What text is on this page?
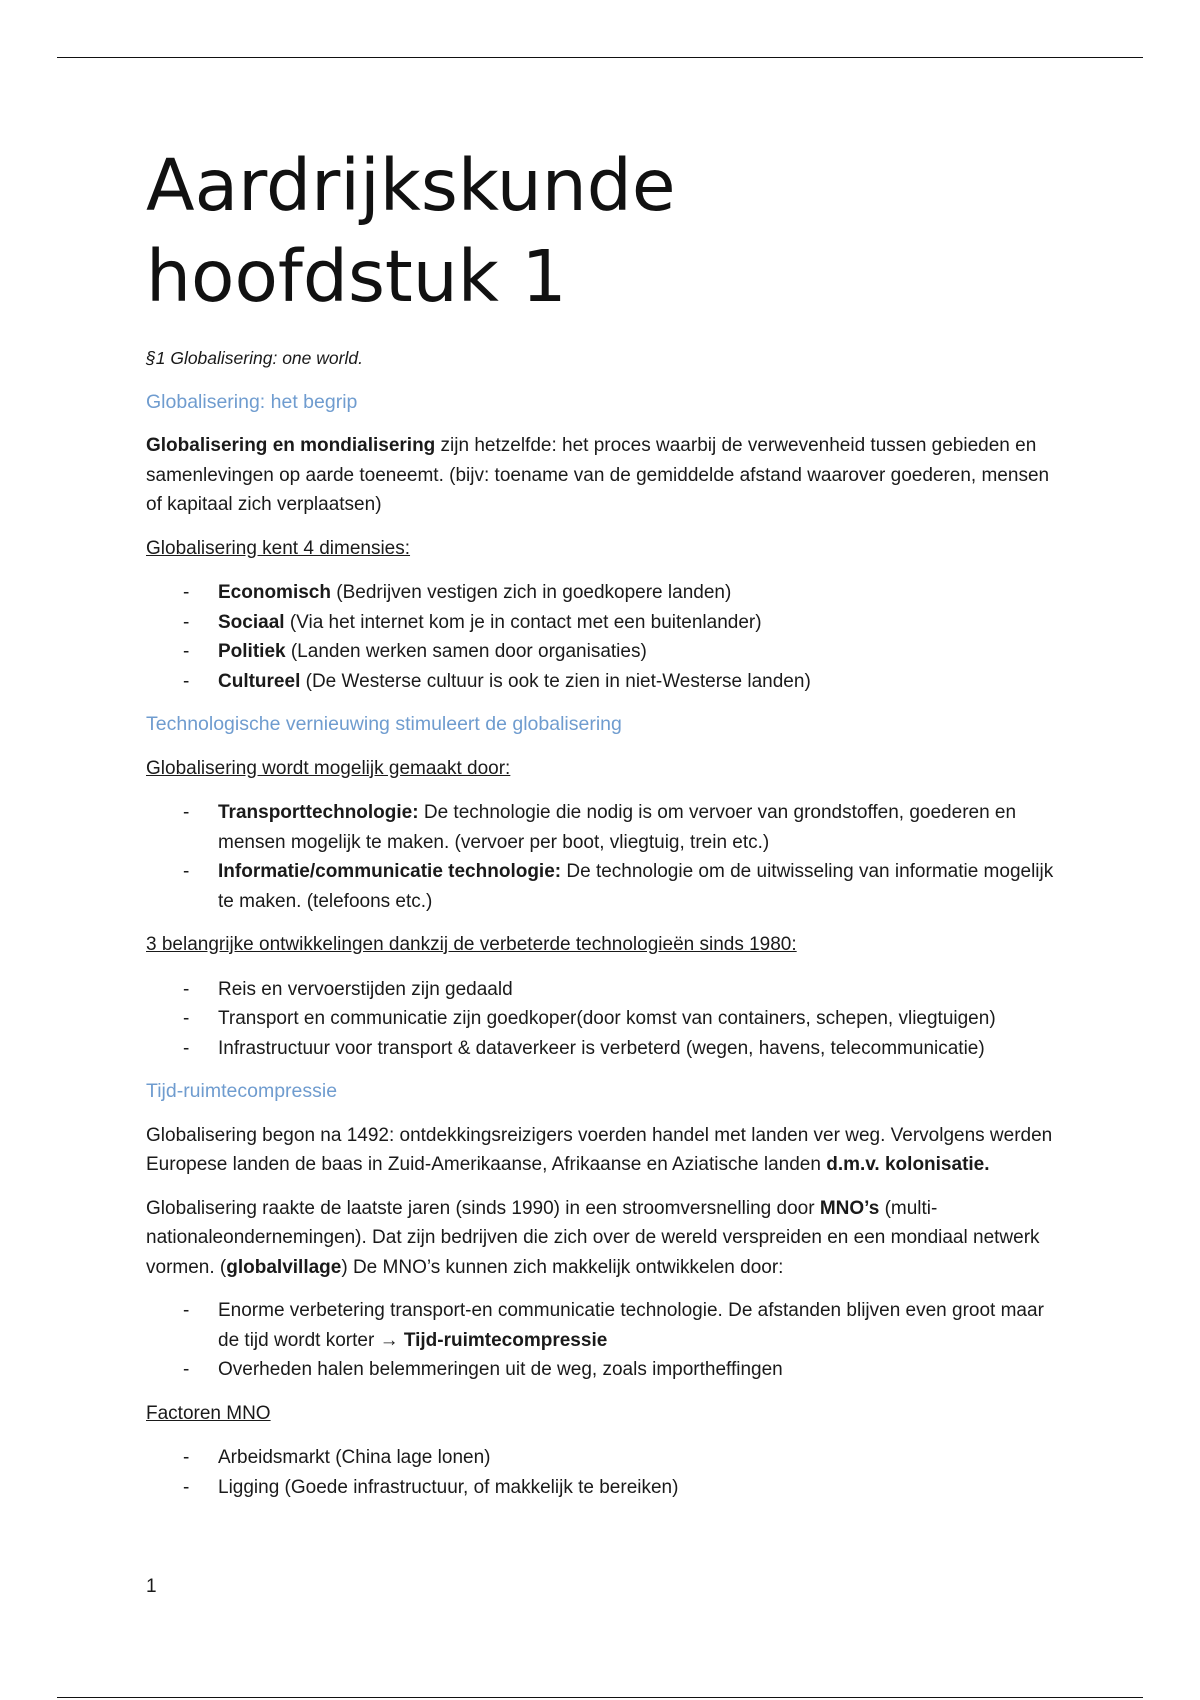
Aardrijkskunde
hoofdstuk 1

§1 Globalisering: one world.

Globalisering: het begrip

Globalisering en mondialisering zijn hetzelfde: het proces waarbij de verwevenheid tussen gebieden en samenlevingen op aarde toeneemt. (bijv: toename van de gemiddelde afstand waarover goederen, mensen of kapitaal zich verplaatsen)

Globalisering kent 4 dimensies:

- Economisch (Bedrijven vestigen zich in goedkopere landen)
- Sociaal (Via het internet kom je in contact met een buitenlander)
- Politiek (Landen werken samen door organisaties)
- Cultureel (De Westerse cultuur is ook te zien in niet-Westerse landen)

Technologische vernieuwing stimuleert de globalisering

Globalisering wordt mogelijk gemaakt door:

- Transporttechnologie: De technologie die nodig is om vervoer van grondstoffen, goederen en mensen mogelijk te maken. (vervoer per boot, vliegtuig, trein etc.)
- Informatie/communicatie technologie: De technologie om de uitwisseling van informatie mogelijk te maken. (telefoons etc.)

3 belangrijke ontwikkelingen dankzij de verbeterde technologieën sinds 1980:

- Reis en vervoerstijden zijn gedaald
- Transport en communicatie zijn goedkoper(door komst van containers, schepen, vliegtuigen)
- Infrastructuur voor transport & dataverkeer is verbeterd (wegen, havens, telecommunicatie)

Tijd-ruimtecompressie

Globalisering begon na 1492: ontdekkingsreizigers voerden handel met landen ver weg. Vervolgens werden Europese landen de baas in Zuid-Amerikaanse, Afrikaanse en Aziatische landen d.m.v. kolonisatie.

Globalisering raakte de laatste jaren (sinds 1990) in een stroomversnelling door MNO’s (multi-nationaleondernemingen). Dat zijn bedrijven die zich over de wereld verspreiden en een mondiaal netwerk vormen. (globalvillage) De MNO’s kunnen zich makkelijk ontwikkelen door:

- Enorme verbetering transport-en communicatie technologie. De afstanden blijven even groot maar de tijd wordt korter → Tijd-ruimtecompressie
- Overheden halen belemmeringen uit de weg, zoals importheffingen

Factoren MNO

- Arbeidsmarkt (China lage lonen)
- Ligging (Goede infrastructuur, of makkelijk te bereiken)
1
